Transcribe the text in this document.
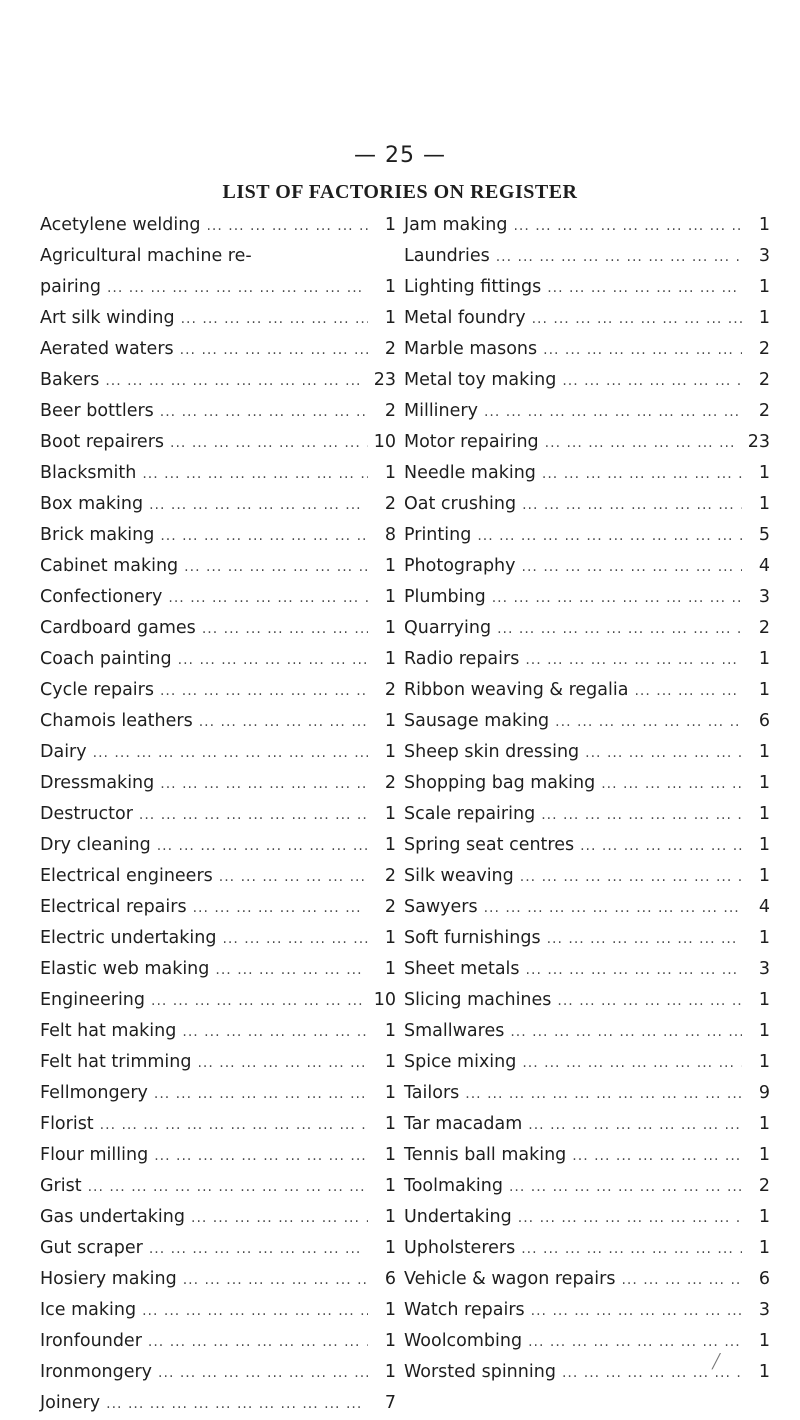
— 25 —
LIST OF FACTORIES ON REGISTER
Acetylene welding ... .	1
Agricultural machine re-
pairing ... .	1
Art silk winding ... .	1
Aerated waters ... .	2
Bakers ... .	23
Beer bottlers ... .	2
Boot repairers ... .	10
Blacksmith ... .	1
Box making ... .	2
Brick making ... .	8
Cabinet making ... .	1
Confectionery ... .	1
Cardboard games ... .	1
Coach painting ... .	1
Cycle repairs ... .	2
Chamois leathers ... .	1
Dairy ... .	1
Dressmaking ... .	2
Destructor ... .	1
Dry cleaning ... .	1
Electrical engineers ... .	2
Electrical repairs ... .	2
Electric undertaking ... .	1
Elastic web making ... .	1
Engineering ... .	10
Felt hat making ... .	1
Felt hat trimming ... .	1
Fellmongery ... .	1
Florist ... .	1
Flour milling ... .	1
Grist ... .	1
Gas undertaking ... .	1
Gut scraper ... .	1
Hosiery making ... .	6
Ice making ... .	1
Ironfounder ... .	1
Ironmongery ... .	1
Joinery ... .	7
Jam making ... .	1
Laundries ... .	3
Lighting fittings ... .	1
Metal foundry ... .	1
Marble masons ... .	2
Metal toy making ... .	2
Millinery ... .	2
Motor repairing ... .	23
Needle making ... .	1
Oat crushing ... .	1
Printing ... .	5
Photography ... .	4
Plumbing ... .	3
Quarrying ... .	2
Radio repairs ... .	1
Ribbon weaving & regalia ... .	1
Sausage making ... .	6
Sheep skin dressing ... .	1
Shopping bag making ... .	1
Scale repairing ... .	1
Spring seat centres ... .	1
Silk weaving ... .	1
Sawyers ... .	4
Soft furnishings ... .	1
Sheet metals ... .	3
Slicing machines ... .	1
Smallwares ... .	1
Spice mixing ... .	1
Tailors ... .	9
Tar macadam ... .	1
Tennis ball making ... .	1
Toolmaking ... .	2
Undertaking ... .	1
Upholsterers ... .	1
Vehicle & wagon repairs ... .	6
Watch repairs ... .	3
Woolcombing ... .	1
Worsted spinning ... .	1
╱
